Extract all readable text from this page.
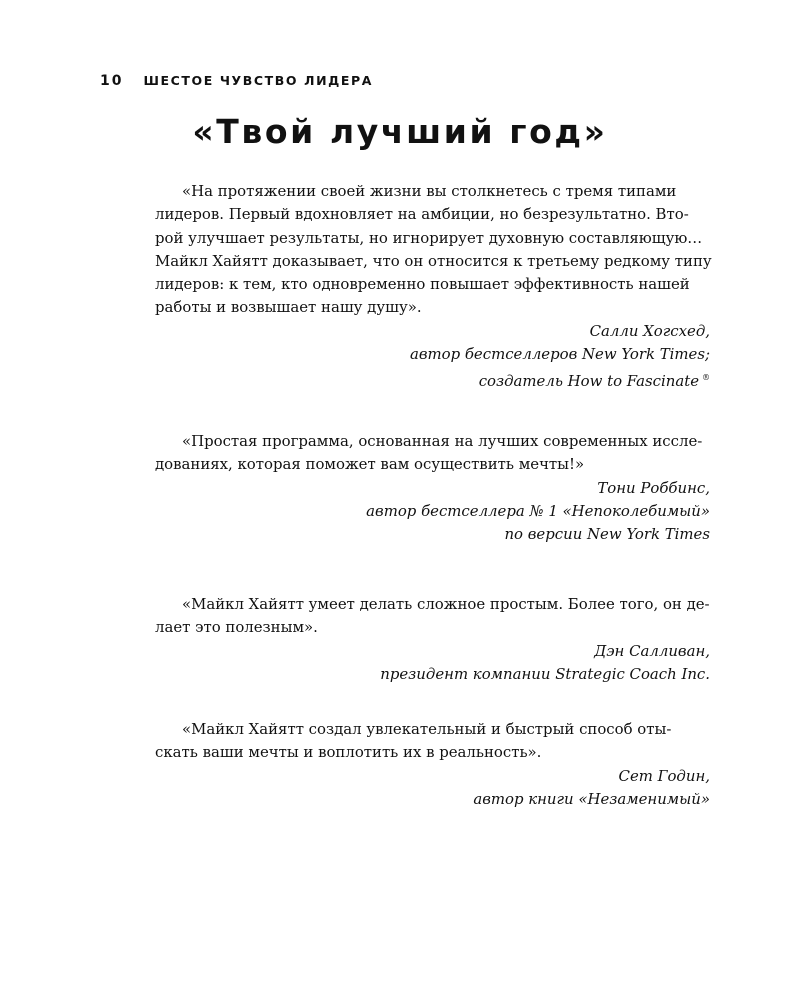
10 ШЕСТОЕ ЧУВСТВО ЛИДЕРА
«Твой лучший год»

«На протяжении своей жизни вы столкнетесь с тремя типами
лидеров. Первый вдохновляет на амбиции, но безрезультатно. Вто-
рой улучшает результаты, но игнорирует духовную составляющую…
Майкл Хайятт доказывает, что он относится к третьему редкому типу
лидеров: к тем, кто одновременно повышает эффективность нашей
работы и возвышает нашу душу».

Салли Хогсхед,
автор бестселлеров New York Times;
создатель How to Fascinate ®

«Простая программа, основанная на лучших современных иссле-
дованиях, которая поможет вам осуществить мечты!»

Тони Роббинс,
автор бестселлера № 1 «Непоколебимый»
по версии New York Times

«Майкл Хайятт умеет делать сложное простым. Более того, он де-
лает это полезным».

Дэн Салливан,
президент компании Strategic Coach Inc.

«Майкл Хайятт создал увлекательный и быстрый способ оты-
скать ваши мечты и воплотить их в реальность».

Сет Годин,
автор книги «Незаменимый»
